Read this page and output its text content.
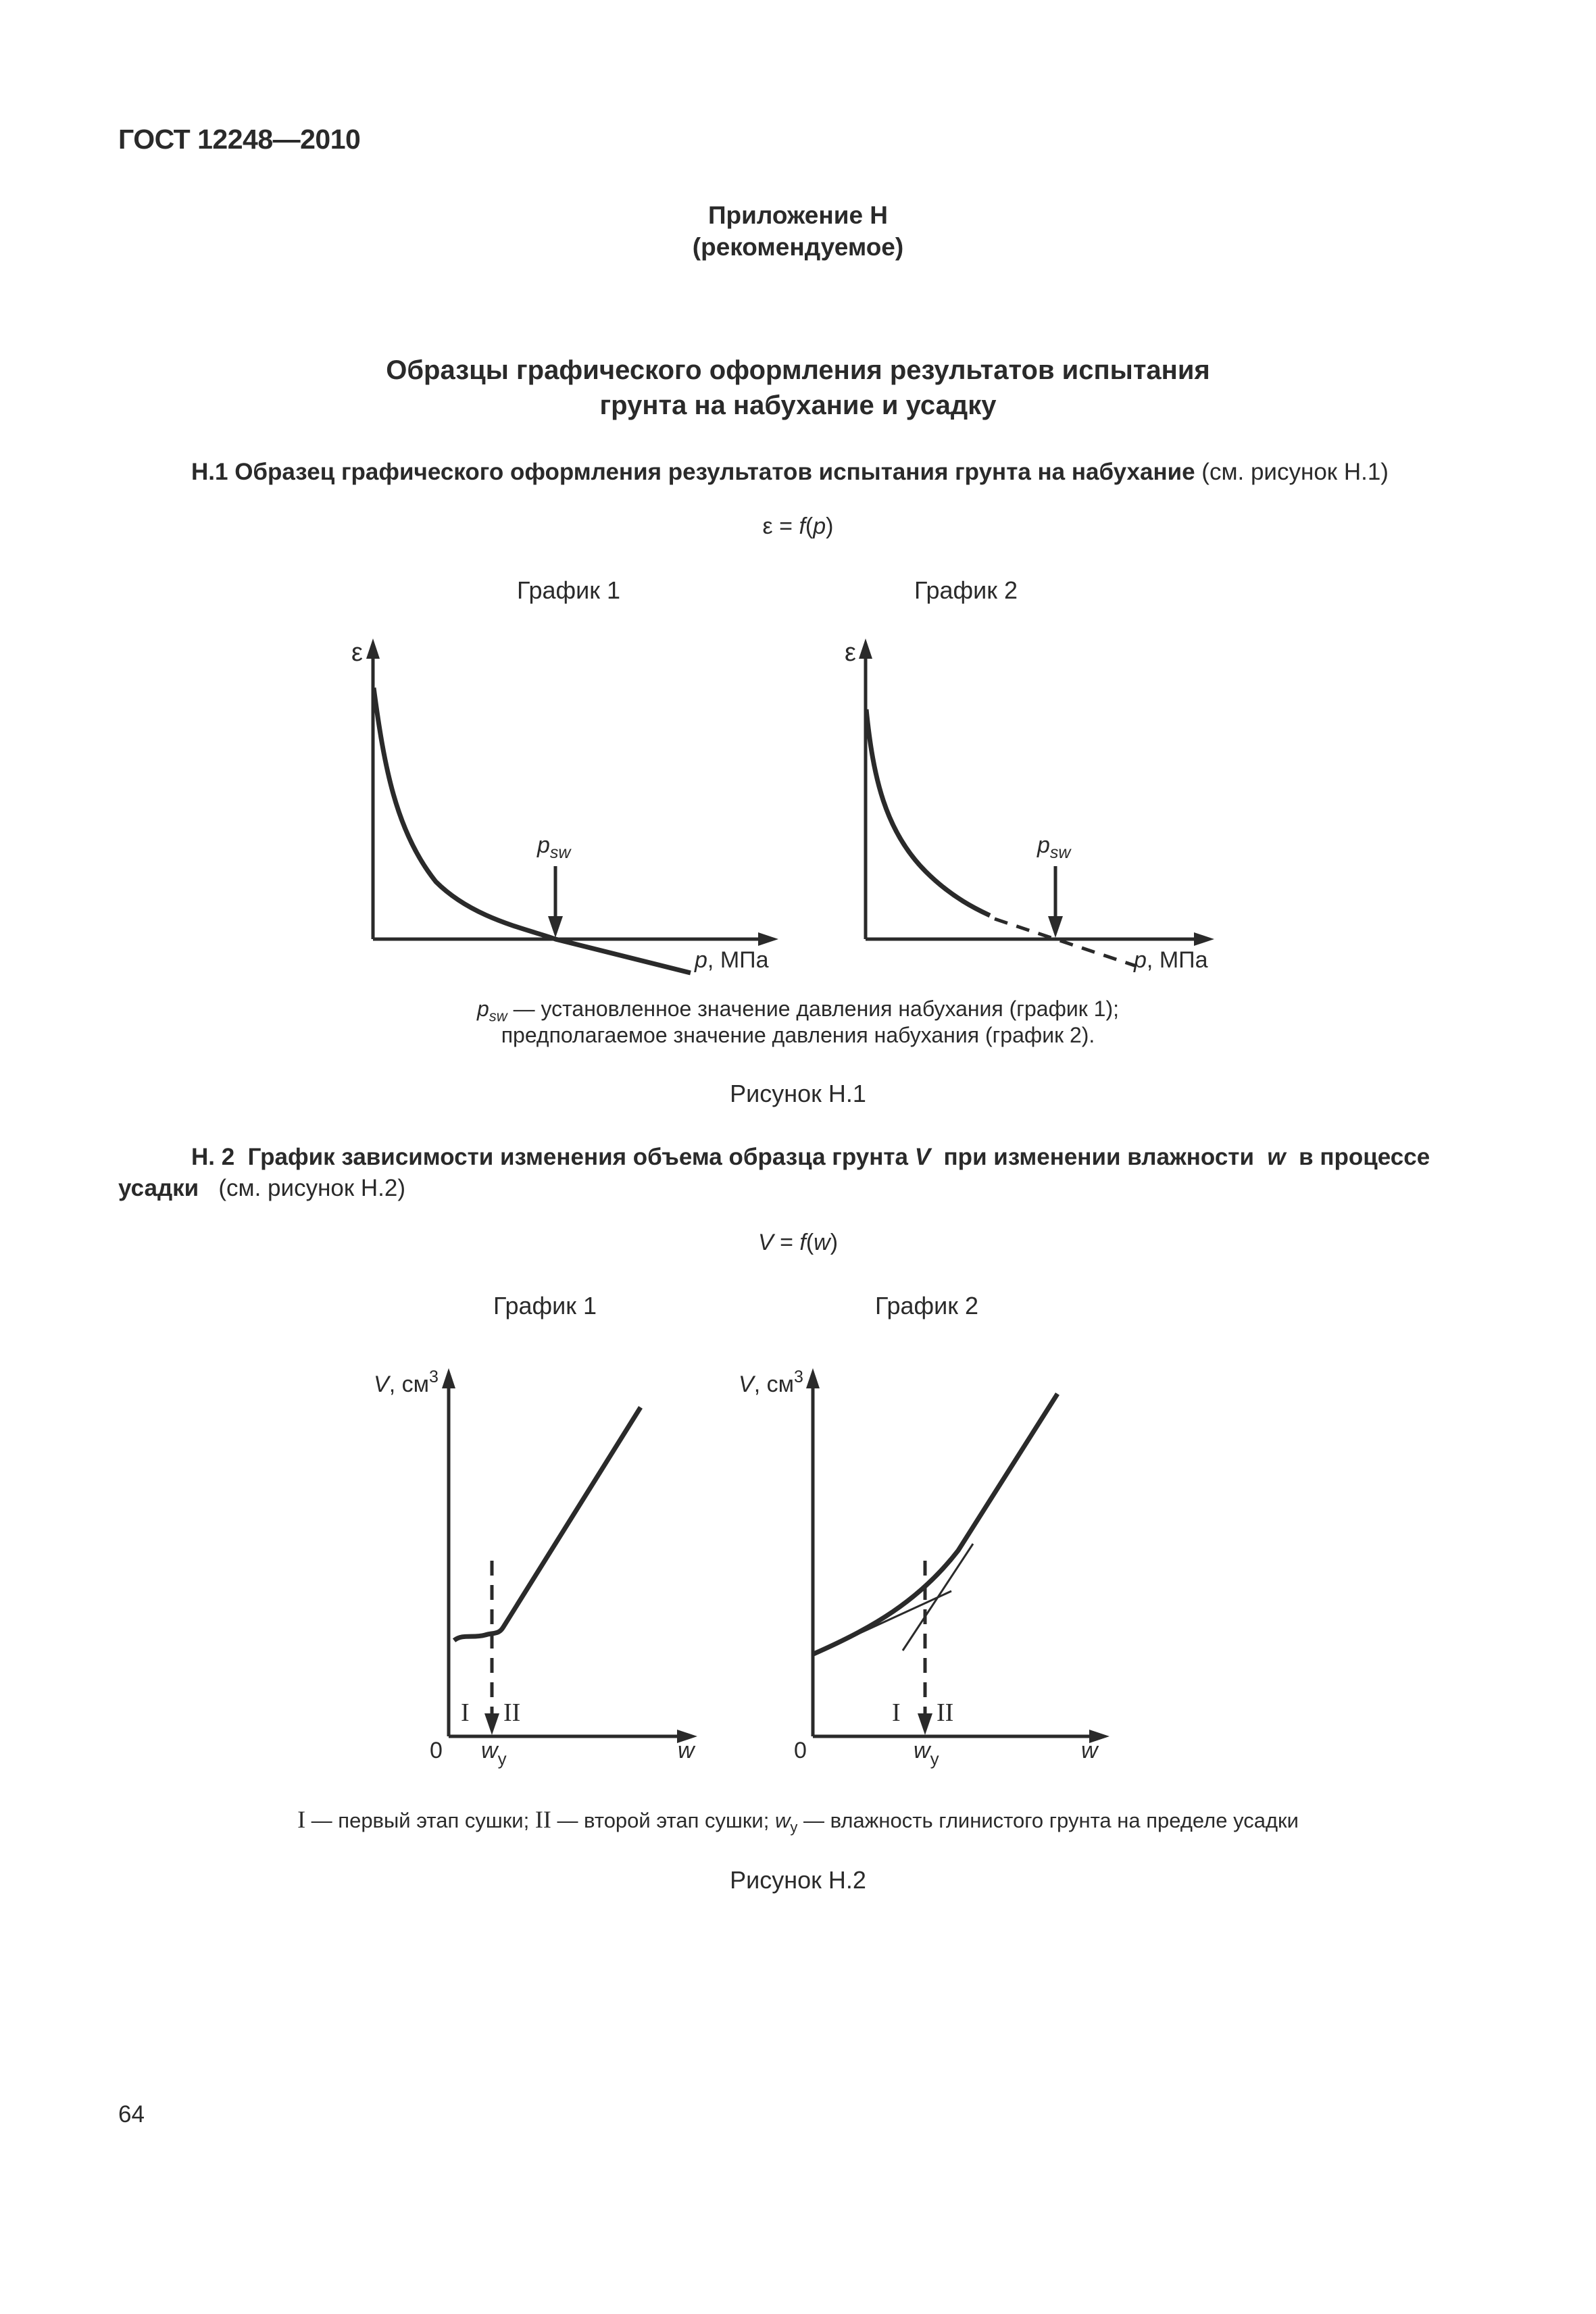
ГОСТ 12248—2010
Приложение Н
(рекомендуемое)
Образцы графического оформления результатов испытания
грунта на набухание и усадку
Н.1 Образец графического оформления результатов испытания грунта на набухание (см. рисунок Н.1)
ε = f(p)
График 1	График 2
ε
$p_{sw}$
p, МПа
ε
$p_{sw}$
p, МПа
$p_{sw}$ — установленное значение давления набухания (график 1);
предполагаемое значение давления набухания (график 2).
Рисунок Н.1
Н. 2 График зависимости изменения объема образца грунта V при изменении влажности w в процессе
усадки (см. рисунок Н.2)
V = f(w)
График 1	График 2
V, $см^3$
I II
0 $w_у$	w
V, $см^3$
I II
0	$w_у$	w
I — первый этап сушки; II — второй этап сушки; $w_у$ — влажность глинистого грунта на пределе усадки
Рисунок Н.2
64
